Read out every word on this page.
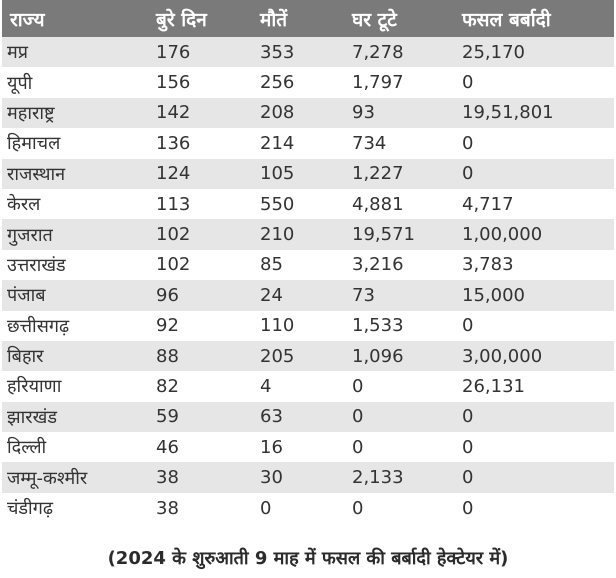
राज्य	बुरे दिन	मौतें	घर टूटे	फसल बर्बादी
मप्र	176	353	7,278	25,170
यूपी	156	256	1,797	0
महाराष्ट्र	142	208	93	19,51,801
हिमाचल	136	214	734	0
राजस्थान	124	105	1,227	0
केरल	113	550	4,881	4,717
गुजरात	102	210	19,571	1,00,000
उत्तराखंड	102	85	3,216	3,783
पंजाब	96	24	73	15,000
छत्तीसगढ़	92	110	1,533	0
बिहार	88	205	1,096	3,00,000
हरियाणा	82	4	0	26,131
झारखंड	59	63	0	0
दिल्ली	46	16	0	0
जम्मू-कश्मीर	38	30	2,133	0
चंडीगढ़	38	0	0	0
(2024 के शुरुआती 9 माह में फसल की बर्बादी हेक्टेयर में)
